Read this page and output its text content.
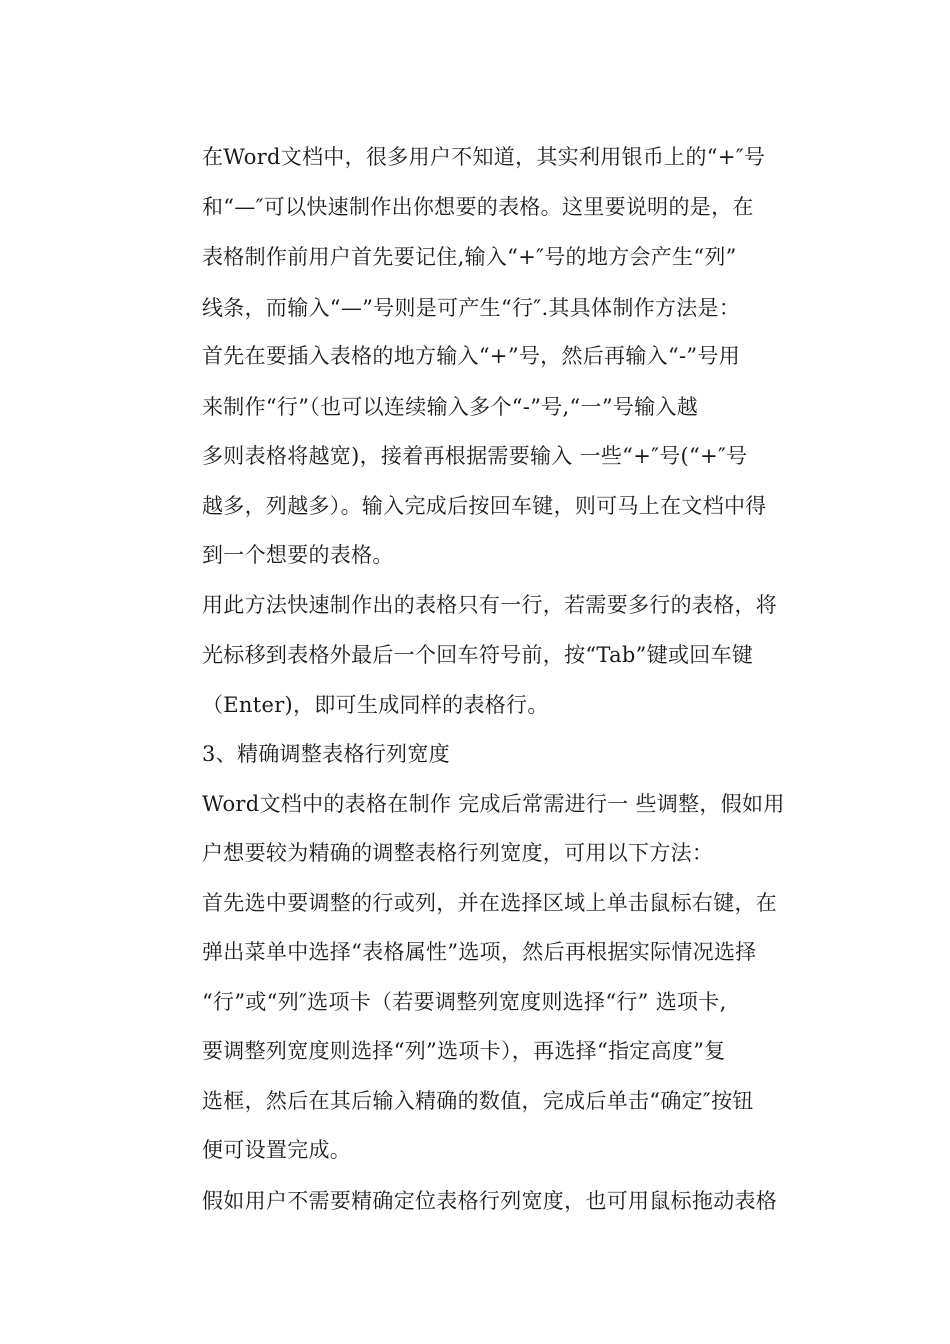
在Word文档中，很多用户不知道，其实利用银币上的“+″号
和“—″可以快速制作出你想要的表格。这里要说明的是，在
表格制作前用户首先要记住,输入“+″号的地方会产生“列”
线条，而输入“—”号则是可产生“行″.其具体制作方法是：
首先在要插入表格的地方输入“+”号，然后再输入“-”号用
来制作“行”（也可以连续输入多个“-”号,“一”号输入越
多则表格将越宽)，接着再根据需要输入 一些“+″号(“+″号
越多，列越多）。输入完成后按回车键，则可马上在文档中得
到一个想要的表格。
用此方法快速制作出的表格只有一行，若需要多行的表格，将
光标移到表格外最后一个回车符号前，按“Tab”键或回车键
（Enter)，即可生成同样的表格行。
3、精确调整表格行列宽度
Word文档中的表格在制作 完成后常需进行一 些调整，假如用
户想要较为精确的调整表格行列宽度，可用以下方法：
首先选中要调整的行或列，并在选择区域上单击鼠标右键，在
弹出菜单中选择“表格属性”选项，然后再根据实际情况选择
“行”或“列″选项卡（若要调整列宽度则选择“行” 选项卡,
要调整列宽度则选择“列”选项卡），再选择“指定高度”复
选框，然后在其后输入精确的数值，完成后单击“确定″按钮
便可设置完成。
假如用户不需要精确定位表格行列宽度，也可用鼠标拖动表格
